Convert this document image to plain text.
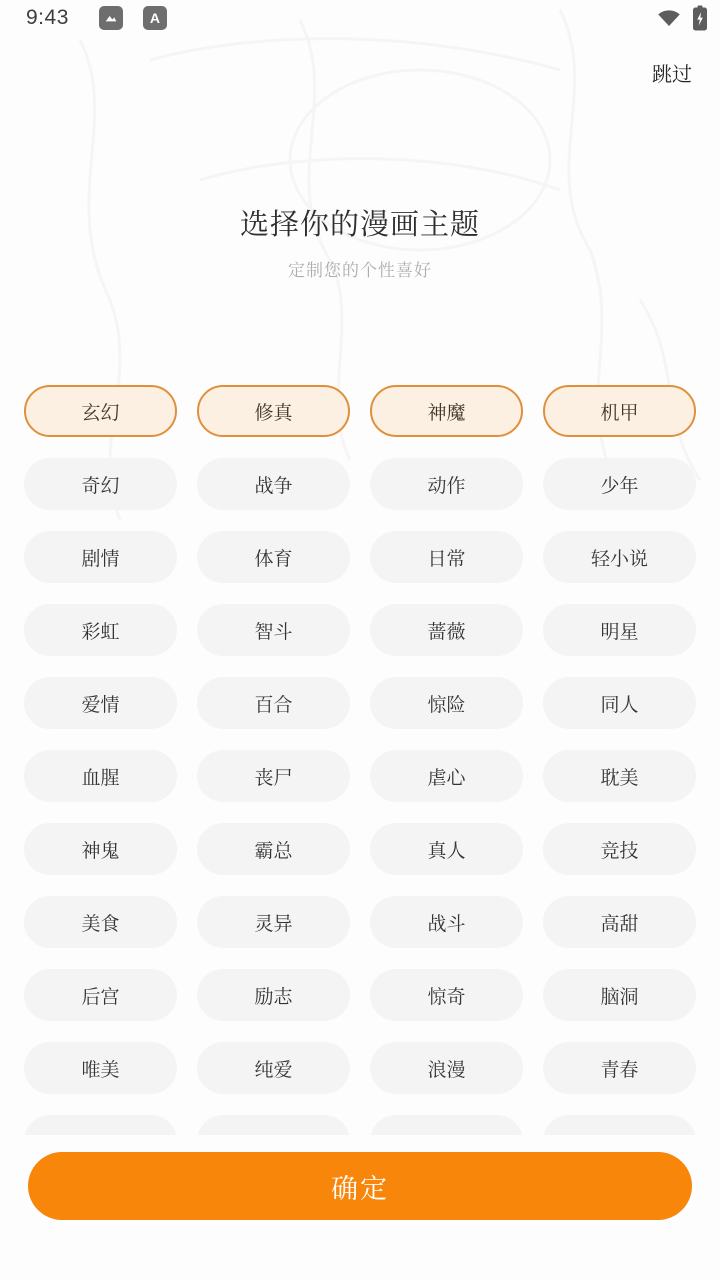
9:43	A
跳过
选择你的漫画主题
定制您的个性喜好
玄幻	修真	神魔	机甲
奇幻	战争	动作	少年
剧情	体育	日常	轻小说
彩虹	智斗	蔷薇	明星
爱情	百合	惊险	同人
血腥	丧尸	虐心	耽美
神鬼	霸总	真人	竞技
美食	灵异	战斗	高甜
后宫	励志	惊奇	脑洞
唯美	纯爱	浪漫	青春
确定
